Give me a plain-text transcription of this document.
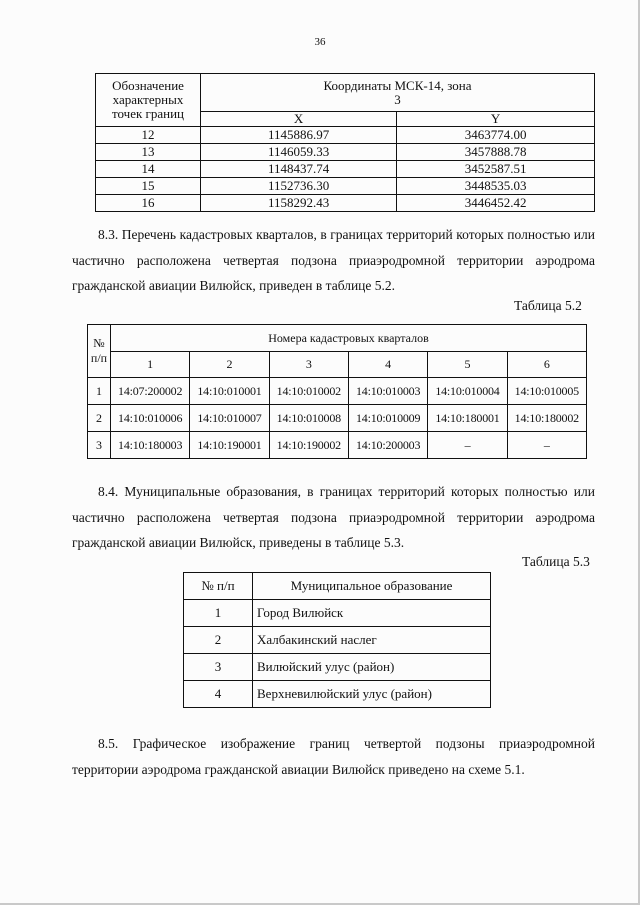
36
Обозначение характерных точек границ	Координаты МСК-14, зона 3	
	X	Y
12	1145886.97	3463774.00
13	1146059.33	3457888.78
14	1148437.74	3452587.51
15	1152736.30	3448535.03
16	1158292.43	3446452.42
8.3. Перечень кадастровых кварталов, в границах территорий которых полностью или частично расположена четвертая подзона приаэродромной территории аэродрома гражданской авиации Вилюйск, приведен в таблице 5.2.
Таблица 5.2
№ п/п	Номера кадастровых кварталов					
	1	2	3	4	5	6
1	14:07:200002	14:10:010001	14:10:010002	14:10:010003	14:10:010004	14:10:010005
2	14:10:010006	14:10:010007	14:10:010008	14:10:010009	14:10:180001	14:10:180002
3	14:10:180003	14:10:190001	14:10:190002	14:10:200003	–	–
8.4. Муниципальные образования, в границах территорий которых полностью или частично расположена четвертая подзона приаэродромной территории аэродрома гражданской авиации Вилюйск, приведены в таблице 5.3.
Таблица 5.3
№ п/п	Муниципальное образование
1	Город Вилюйск
2	Халбакинский наслег
3	Вилюйский улус (район)
4	Верхневилюйский улус (район)
8.5. Графическое изображение границ четвертой подзоны приаэродромной территории аэродрома гражданской авиации Вилюйск приведено на схеме 5.1.
